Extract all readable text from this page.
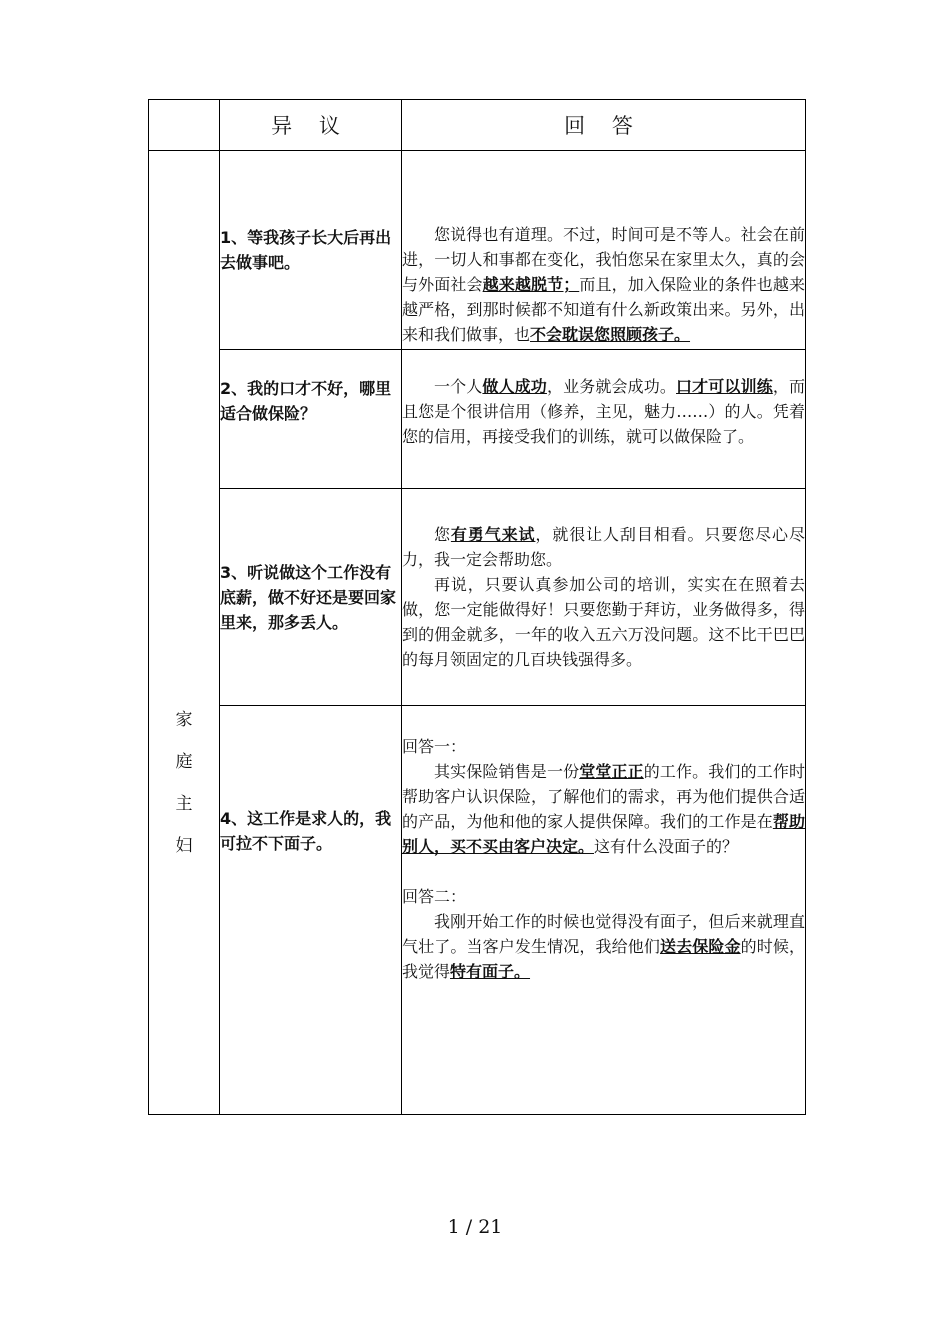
	异 议	回 答
家庭主妇	1、等我孩子长大后再出去做事吧。	您说得也有道理。不过，时间可是不等人。社会在前进，一切人和事都在变化，我怕您呆在家里太久，真的会与外面社会越来越脱节；而且，加入保险业的条件也越来越严格，到那时候都不知道有什么新政策出来。另外，出来和我们做事，也不会耽误您照顾孩子。

	2、我的口才不好，哪里适合做保险？	一个人做人成功，业务就会成功。口才可以训练，而且您是个很讲信用（修养，主见，魅力……）的人。凭着您的信用，再接受我们的训练，就可以做保险了。

	3、听说做这个工作没有底薪，做不好还是要回家里来，那多丢人。	您有勇气来试，就很让人刮目相看。只要您尽心尽力，我一定会帮助您。

再说，只要认真参加公司的培训，实实在在照着去做，您一定能做得好！只要您勤于拜访，业务做得多，得到的佣金就多，一年的收入五六万没问题。这不比干巴巴的每月领固定的几百块钱强得多。

	4、这工作是求人的，我可拉不下面子。	回答一：

其实保险销售是一份堂堂正正的工作。我们的工作时帮助客户认识保险，了解他们的需求，再为他们提供合适的产品，为他和他的家人提供保障。我们的工作是在帮助别人，买不买由客户决定。这有什么没面子的？

回答二：

我刚开始工作的时候也觉得没有面子，但后来就理直气壮了。当客户发生情况，我给他们送去保险金的时候，我觉得特有面子。

1 / 21
